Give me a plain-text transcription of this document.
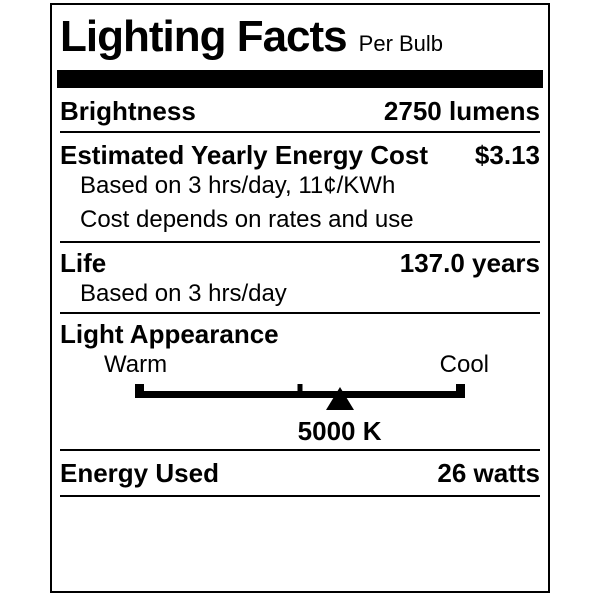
Lighting Facts Per Bulb
Brightness	2750 lumens
Estimated Yearly Energy Cost $3.13
Based on 3 hrs/day, 11¢/KWh
Cost depends on rates and use
Life	137.0 years
Based on 3 hrs/day
Light Appearance
Warm	Cool
5000 K
Energy Used	26 watts
